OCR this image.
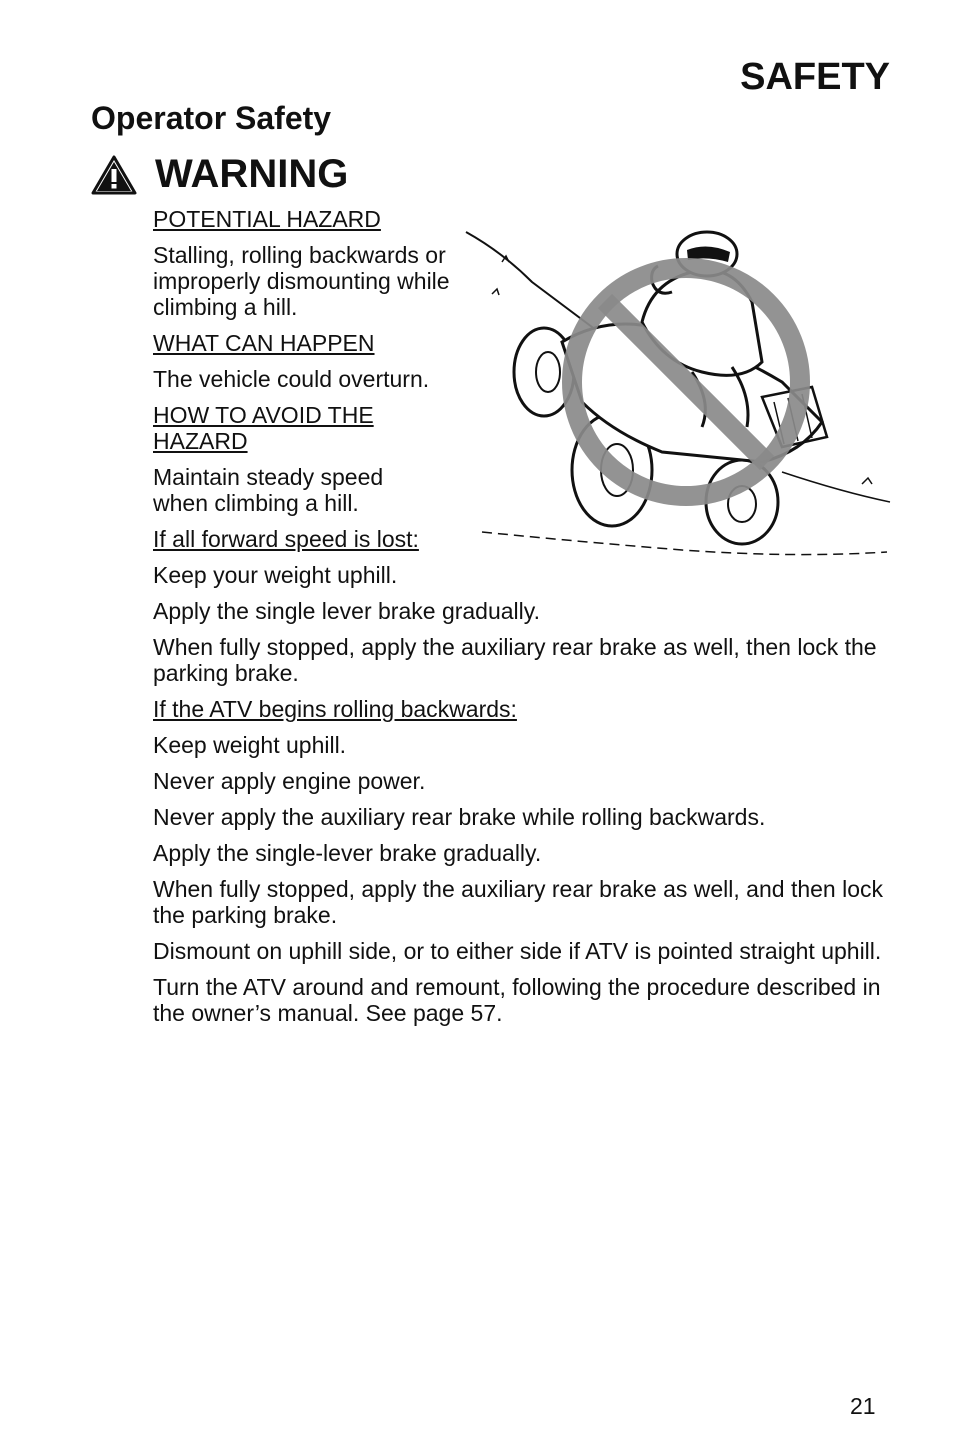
SAFETY
Operator Safety
WARNING

POTENTIAL HAZARD

Stalling, rolling backwards or improperly dismounting while climbing a hill.

WHAT CAN HAPPEN

The vehicle could overturn.

HOW TO AVOID THE HAZARD

Maintain steady speed when climbing a hill.

If all forward speed is lost:

Keep your weight uphill.

Apply the single lever brake gradually.

When fully stopped, apply the auxiliary rear brake as well, then lock the parking brake.

If the ATV begins rolling backwards:

Keep weight uphill.

Never apply engine power.

Never apply the auxiliary rear brake while rolling backwards.

Apply the single-lever brake gradually.

When fully stopped, apply the auxiliary rear brake as well, and then lock the parking brake.

Dismount on uphill side, or to either side if ATV is pointed straight uphill.

Turn the ATV around and remount, following the procedure described in the owner’s manual. See page 57.

21
